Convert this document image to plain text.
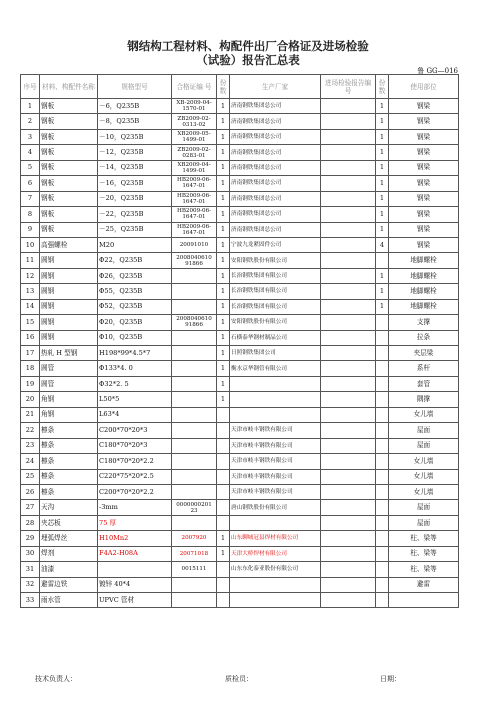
钢结构工程材料、构配件出厂合格证及进场检验
（试验）报告汇总表
鲁 GG—016
序号	材料、构配件名称	规格型号	合格证编 号	份数	生产厂家	进场检验报告编号	份数	使用部位
1	钢板	－6，Q235B	XB-2009-04-1570-01	1	济南钢铁集团总公司		1	钢梁
2	钢板	－8，Q235B	ZB2009-02-0313-02	1	济南钢铁集团总公司		1	钢梁
3	钢板	－10，Q235B	XB2009-05-1499-01	1	济南钢铁集团总公司		1	钢梁
4	钢板	－12，Q235B	ZB2009-02-0283-01	1	济南钢铁集团总公司		1	钢梁
5	钢板	－14，Q235B	XB2009-04-1499-01	1	济南钢铁集团总公司		1	钢梁
6	钢板	－16，Q235B	HB2009-06-1647-01	1	济南钢铁集团总公司		1	钢梁
7	钢板	－20，Q235B	HB2009-06-1647-01	1	济南钢铁集团总公司		1	钢梁
8	钢板	－22，Q235B	HB2009-06-1647-01	1	济南钢铁集团总公司		1	钢梁
9	钢板	－25，Q235B	HB2009-06-1647-01	1	济南钢铁集团总公司		1	钢梁
10	高强螺栓	M20	20091010	1	宁波九龙紧固件公司		4	钢梁
11	圆钢	Φ22，Q235B	2008040610 91866	1	安阳钢铁股份有限公司			地脚螺栓
12	圆钢	Φ26，Q235B		1	长治钢铁集团有限公司		1	地脚螺栓
13	圆钢	Φ55，Q235B		1	长治钢铁集团有限公司		1	地脚螺栓
14	圆钢	Φ52，Q235B		1	长治钢铁集团有限公司		1	地脚螺栓
15	圆钢	Φ20，Q235B	2008040610 91866	1	安阳钢铁股份有限公司			支撑
16	圆钢	Φ10，Q235B		1	石横泰华钢材制品公司			拉条
17	热轧 H 型钢	H198*99*4.5*7		1	日照钢铁集团公司			夹层梁
18	圆管	Φ133*4. 0		1	衡水京华钢管有限公司			系杆
19	圆管	Φ32*2. 5		1				套管
20	角钢	L50*5		1				隅撑
21	角钢	L63*4						女儿墙
22	檩条	C200*70*20*3			天津市岐丰钢铁有限公司			屋面
23	檩条	C180*70*20*3			天津市岐丰钢铁有限公司			屋面
24	檩条	C180*70*20*2.2			天津市岐丰钢铁有限公司			女儿墙
25	檩条	C220*75*20*2.5			天津市岐丰钢铁有限公司			女儿墙
26	檩条	C200*70*20*2.2			天津市岐丰钢铁有限公司			女儿墙
27	天沟	-3mm	0000000201 23		唐山钢铁股份有限公司			屋面
28	夹芯板	75 厚						屋面
29	埋弧焊丝	H10Mn2	2007920	1	山东聊城冠县焊材有限公司			柱、梁等
30	焊剂	F4A2-H08A	20071018	1	天津大桥焊材有限公司			柱、梁等
31	油漆		0015111		山东东化泰亚股份有限公司			柱、梁等
32	避雷边铁	镀锌 40*4						避雷
33	雨水管	UPVC 管材						
技术负责人：	质检员：	日期：
